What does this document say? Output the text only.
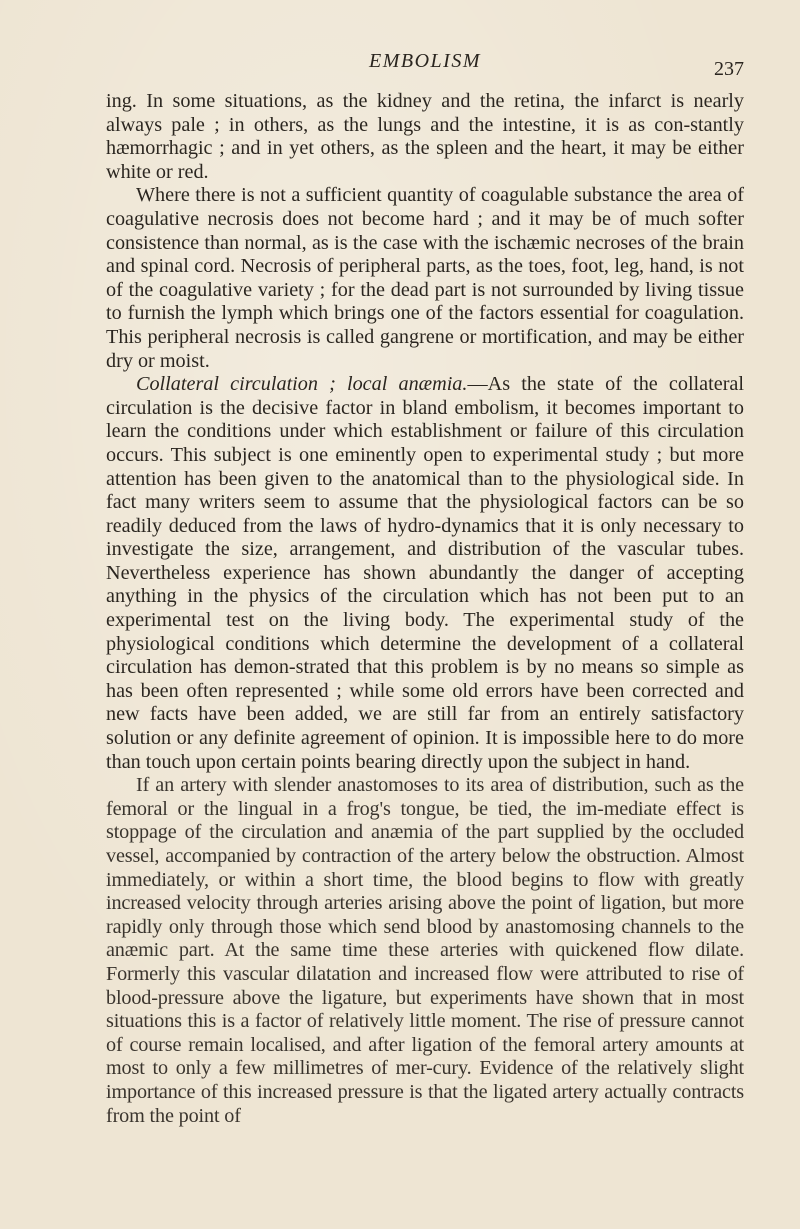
EMBOLISM	237

ing. In some situations, as the kidney and the retina, the infarct is nearly always pale ; in others, as the lungs and the intestine, it is as con-stantly hæmorrhagic ; and in yet others, as the spleen and the heart, it may be either white or red.

Where there is not a sufficient quantity of coagulable substance the area of coagulative necrosis does not become hard ; and it may be of much softer consistence than normal, as is the case with the ischæmic necroses of the brain and spinal cord. Necrosis of peripheral parts, as the toes, foot, leg, hand, is not of the coagulative variety ; for the dead part is not surrounded by living tissue to furnish the lymph which brings one of the factors essential for coagulation. This peripheral necrosis is called gangrene or mortification, and may be either dry or moist.

Collateral circulation ; local anæmia.—As the state of the collateral circulation is the decisive factor in bland embolism, it becomes important to learn the conditions under which establishment or failure of this circulation occurs. This subject is one eminently open to experimental study ; but more attention has been given to the anatomical than to the physiological side. In fact many writers seem to assume that the physiological factors can be so readily deduced from the laws of hydro-dynamics that it is only necessary to investigate the size, arrangement, and distribution of the vascular tubes. Nevertheless experience has shown abundantly the danger of accepting anything in the physics of the circulation which has not been put to an experimental test on the living body. The experimental study of the physiological conditions which determine the development of a collateral circulation has demon-strated that this problem is by no means so simple as has been often represented ; while some old errors have been corrected and new facts have been added, we are still far from an entirely satisfactory solution or any definite agreement of opinion. It is impossible here to do more than touch upon certain points bearing directly upon the subject in hand.

If an artery with slender anastomoses to its area of distribution, such as the femoral or the lingual in a frog's tongue, be tied, the im-mediate effect is stoppage of the circulation and anæmia of the part supplied by the occluded vessel, accompanied by contraction of the artery below the obstruction. Almost immediately, or within a short time, the blood begins to flow with greatly increased velocity through arteries arising above the point of ligation, but more rapidly only through those which send blood by anastomosing channels to the anæmic part. At the same time these arteries with quickened flow dilate. Formerly this vascular dilatation and increased flow were attributed to rise of blood-pressure above the ligature, but experiments have shown that in most situations this is a factor of relatively little moment. The rise of pressure cannot of course remain localised, and after ligation of the femoral artery amounts at most to only a few millimetres of mer-cury. Evidence of the relatively slight importance of this increased pressure is that the ligated artery actually contracts from the point of
